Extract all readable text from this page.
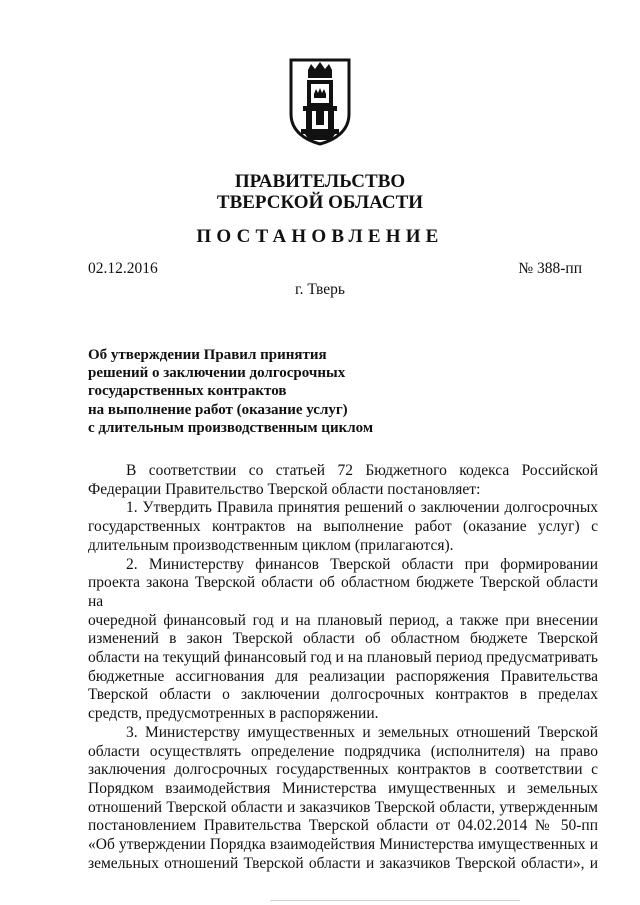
ПРАВИТЕЛЬСТВО
ТВЕРСКОЙ ОБЛАСТИ
ПОСТАНОВЛЕНИЕ
02.12.2016	№ 388-пп
г. Тверь
Об утверждении Правил принятия
решений о заключении долгосрочных
государственных контрактов
на выполнение работ (оказание услуг)
с длительным производственным циклом
В соответствии со статьей 72 Бюджетного кодекса Российской
Федерации Правительство Тверской области постановляет:
1. Утвердить Правила принятия решений о заключении долгосрочных
государственных контрактов на выполнение работ (оказание услуг) с
длительным производственным циклом (прилагаются).
2. Министерству финансов Тверской области при формировании
проекта закона Тверской области об областном бюджете Тверской области на
очередной финансовый год и на плановый период, а также при внесении
изменений в закон Тверской области об областном бюджете Тверской
области на текущий финансовый год и на плановый период предусматривать
бюджетные ассигнования для реализации распоряжения Правительства
Тверской области о заключении долгосрочных контрактов в пределах
средств, предусмотренных в распоряжении.
3. Министерству имущественных и земельных отношений Тверской
области осуществлять определение подрядчика (исполнителя) на право
заключения долгосрочных государственных контрактов в соответствии с
Порядком взаимодействия Министерства имущественных и земельных
отношений Тверской области и заказчиков Тверской области, утвержденным
постановлением Правительства Тверской области от 04.02.2014 № 50-пп
«Об утверждении Порядка взаимодействия Министерства имущественных и
земельных отношений Тверской области и заказчиков Тверской области», и
